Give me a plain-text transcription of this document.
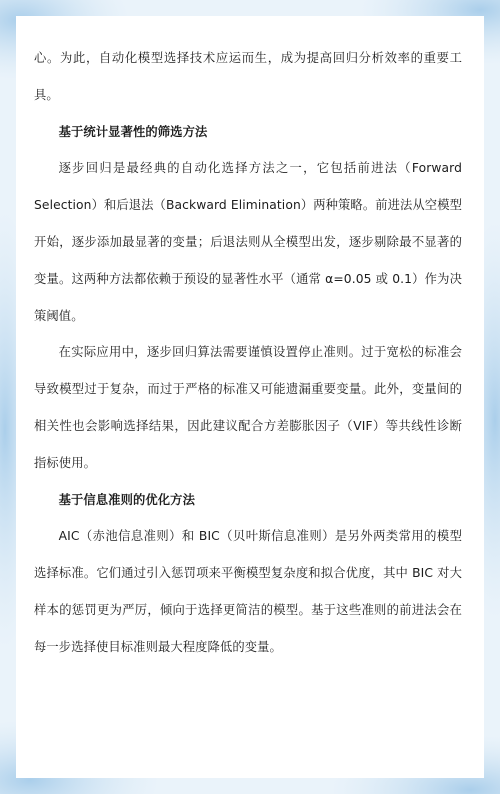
心。为此，自动化模型选择技术应运而生，成为提高回归分析效率的重要工具。

基于统计显著性的筛选方法

逐步回归是最经典的自动化选择方法之一，它包括前进法（Forward Selection）和后退法（Backward Elimination）两种策略。前进法从空模型开始，逐步添加最显著的变量；后退法则从全模型出发，逐步剔除最不显著的变量。这两种方法都依赖于预设的显著性水平（通常 α=0.05 或 0.1）作为决策阈值。

在实际应用中，逐步回归算法需要谨慎设置停止准则。过于宽松的标准会导致模型过于复杂，而过于严格的标准又可能遗漏重要变量。此外，变量间的相关性也会影响选择结果，因此建议配合方差膨胀因子（VIF）等共线性诊断指标使用。

基于信息准则的优化方法

AIC（赤池信息准则）和 BIC（贝叶斯信息准则）是另外两类常用的模型选择标准。它们通过引入惩罚项来平衡模型复杂度和拟合优度，其中 BIC 对大样本的惩罚更为严厉，倾向于选择更简洁的模型。基于这些准则的前进法会在每一步选择使目标准则最大程度降低的变量。
